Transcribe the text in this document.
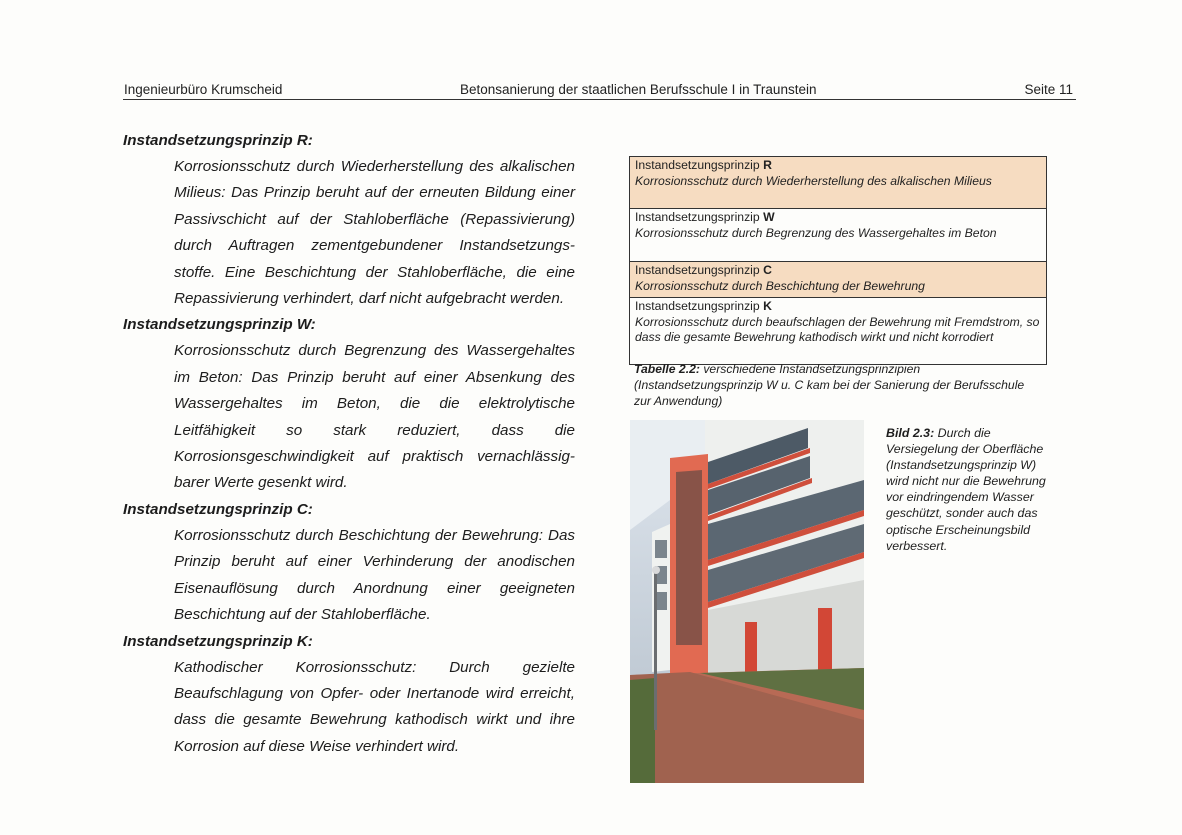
Ingenieurbüro Krumscheid	Betonsanierung der staatlichen Berufsschule I in Traunstein	Seite 11
Instandsetzungsprinzip R:
Korrosionsschutz durch Wiederherstellung des alkalischen
Milieus: Das Prinzip beruht auf der erneuten Bildung einer
Passivschicht auf der Stahloberfläche (Repassivierung)
durch Auftragen zementgebundener Instandsetzungs-
stoffe. Eine Beschichtung der Stahloberfläche, die eine
Repassivierung verhindert, darf nicht aufgebracht werden.
Instandsetzungsprinzip W:
Korrosionsschutz durch Begrenzung des Wassergehaltes
im Beton: Das Prinzip beruht auf einer Absenkung des
Wassergehaltes im Beton, die die elektrolytische
Leitfähigkeit so stark reduziert, dass die
Korrosionsgeschwindigkeit auf praktisch vernachlässig-
barer Werte gesenkt wird.
Instandsetzungsprinzip C:
Korrosionsschutz durch Beschichtung der Bewehrung: Das
Prinzip beruht auf einer Verhinderung der anodischen
Eisenauflösung durch Anordnung einer geeigneten
Beschichtung auf der Stahloberfläche.
Instandsetzungsprinzip K:
Kathodischer Korrosionsschutz: Durch gezielte
Beaufschlagung von Opfer- oder Inertanode wird erreicht,
dass die gesamte Bewehrung kathodisch wirkt und ihre
Korrosion auf diese Weise verhindert wird.
Instandsetzungsprinzip R
Korrosionsschutz durch Wiederherstellung des alkalischen Milieus
Instandsetzungsprinzip W
Korrosionsschutz durch Begrenzung des Wassergehaltes im Beton
Instandsetzungsprinzip C
Korrosionsschutz durch Beschichtung der Bewehrung
Instandsetzungsprinzip K
Korrosionsschutz durch beaufschlagen der Bewehrung mit Fremdstrom, so dass die gesamte Bewehrung kathodisch wirkt und nicht korrodiert
Tabelle 2.2: verschiedene Instandsetzungsprinzipien (Instandsetzungsprinzip W u. C kam bei der Sanierung der Berufsschule zur Anwendung)
Bild 2.3: Durch die Versiegelung der Oberfläche (Instandsetzungsprinzip W) wird nicht nur die Bewehrung vor eindringendem Wasser geschützt, sonder auch das optische Erscheinungsbild verbessert.
